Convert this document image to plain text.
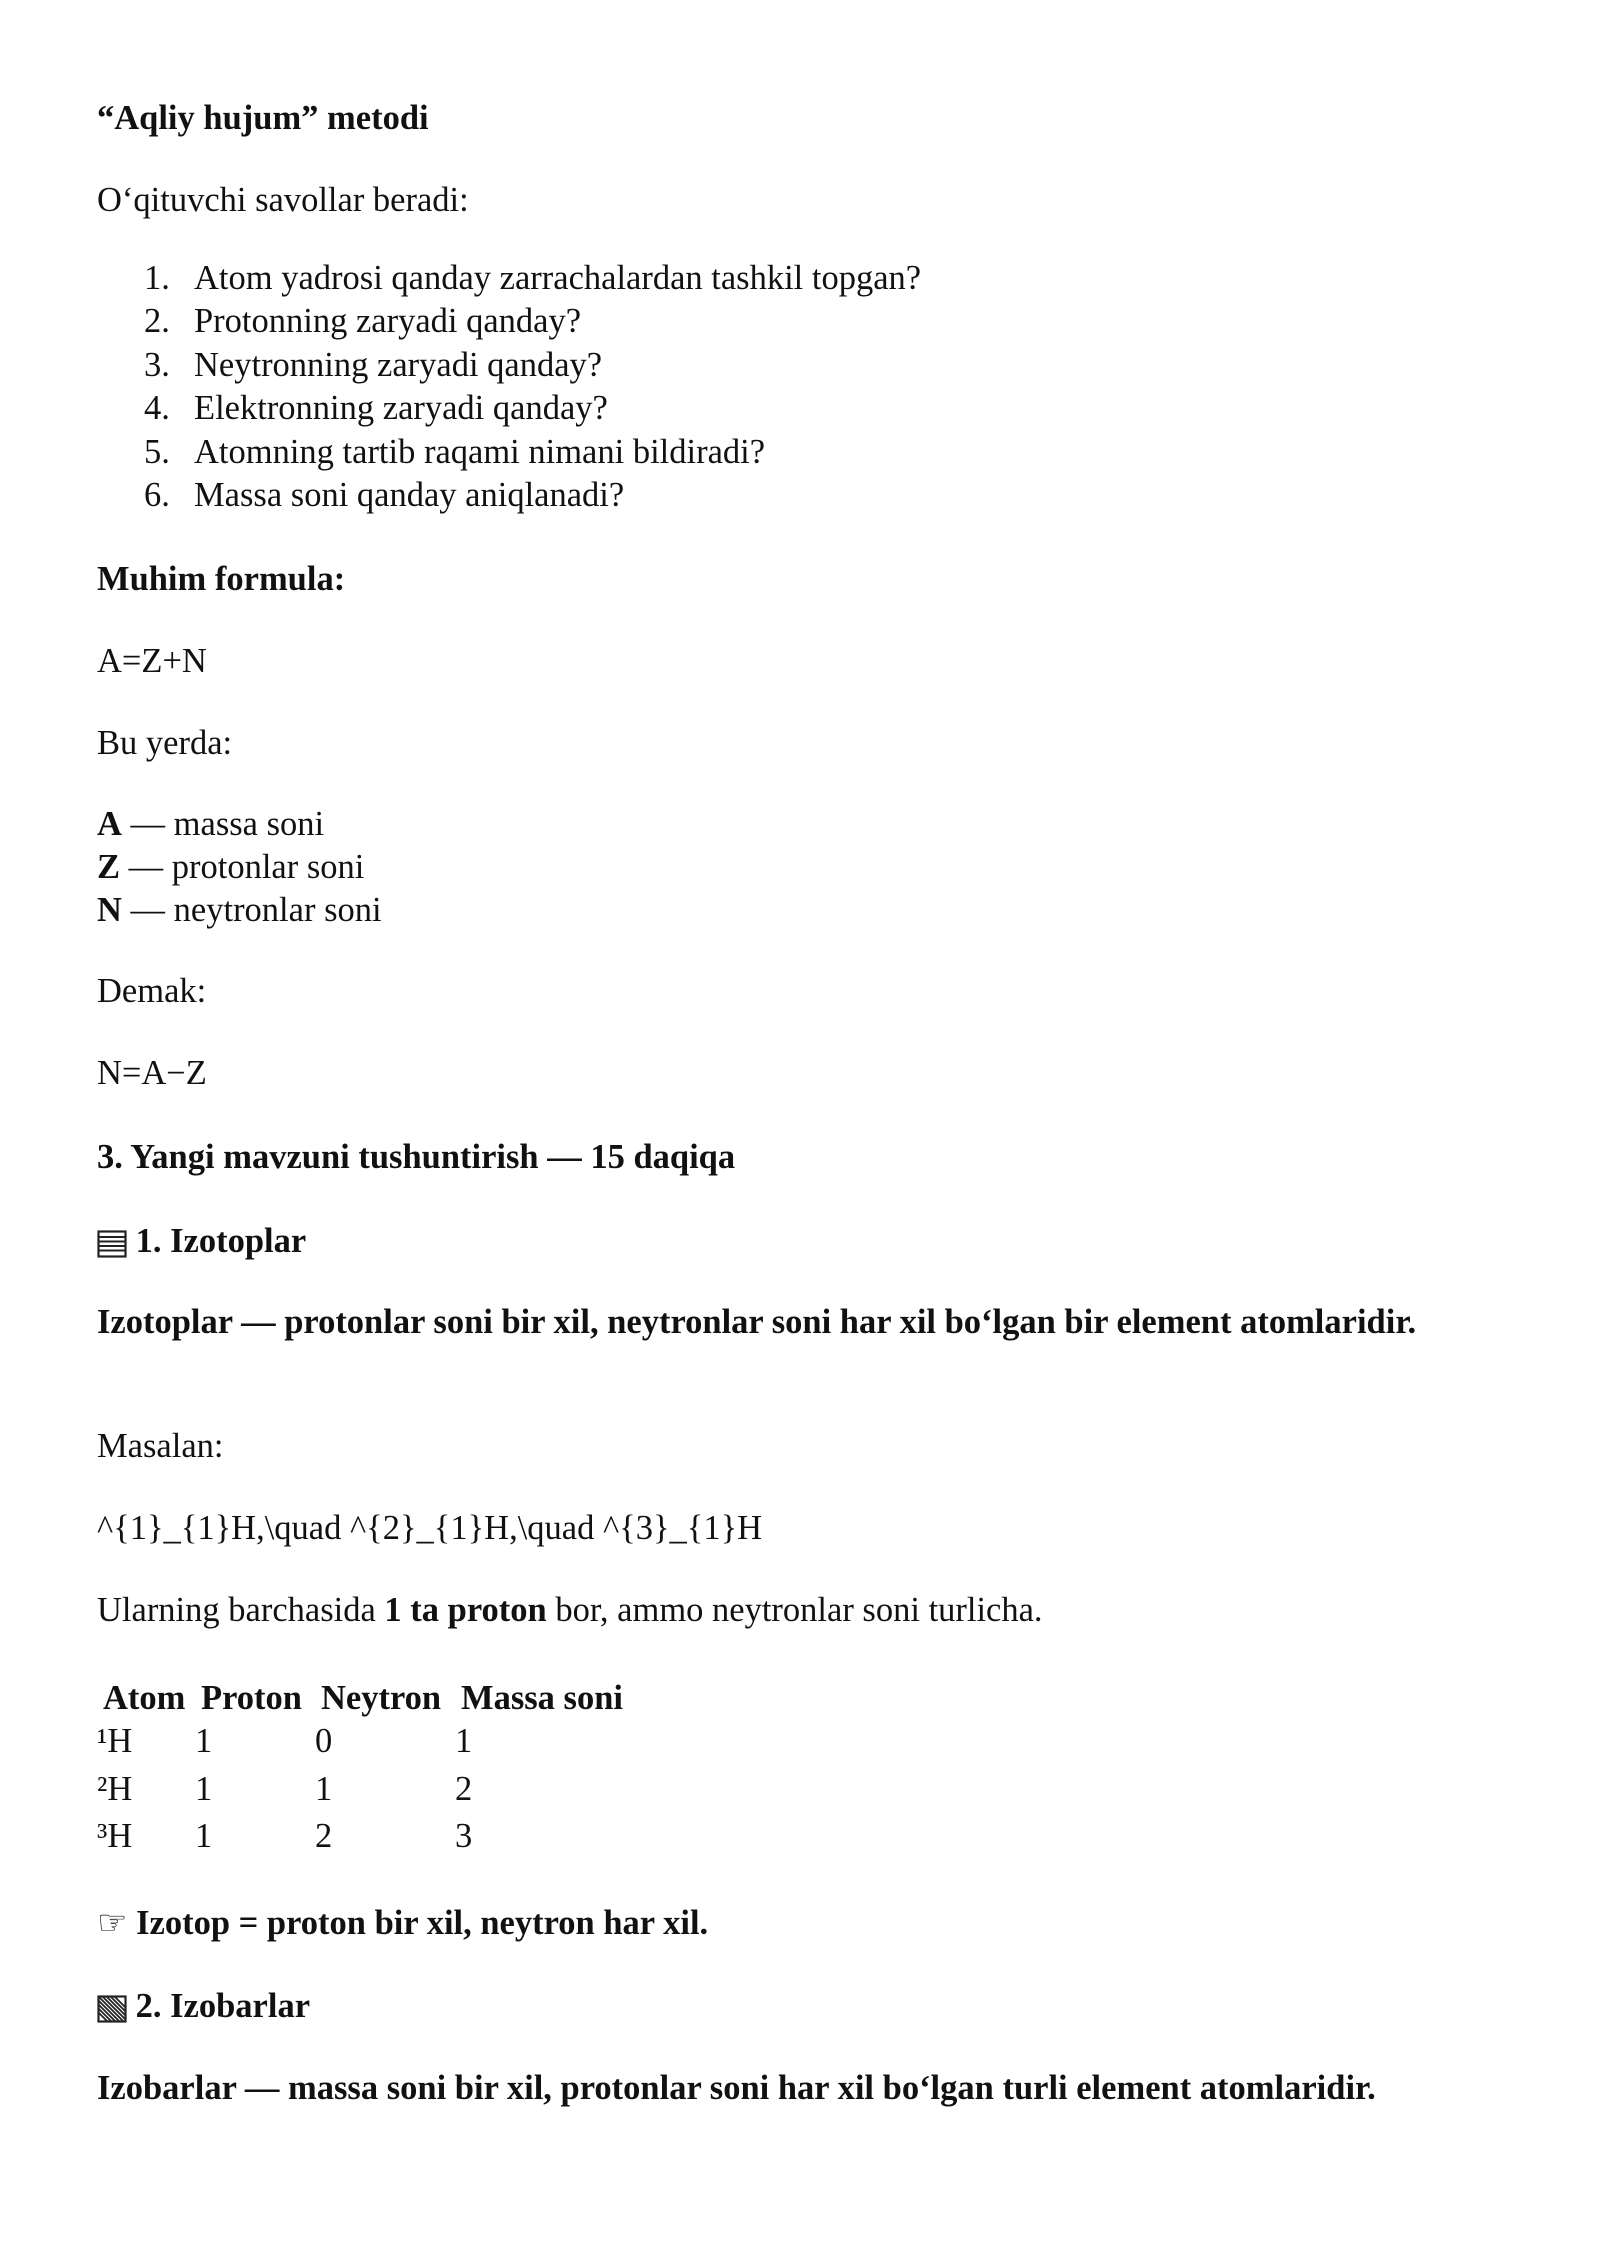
“Aqliy hujum” metodi
O‘qituvchi savollar beradi:
1. Atom yadrosi qanday zarrachalardan tashkil topgan?
2. Protonning zaryadi qanday?
3. Neytronning zaryadi qanday?
4. Elektronning zaryadi qanday?
5. Atomning tartib raqami nimani bildiradi?
6. Massa soni qanday aniqlanadi?
Muhim formula:
A=Z+N
Bu yerda:
A — massa soni
Z — protonlar soni
N — neytronlar soni
Demak:
N=A−Z
3. Yangi mavzuni tushuntirish — 15 daqiqa
1. Izotoplar
Izotoplar — protonlar soni bir xil, neytronlar soni har xil bo‘lgan bir element atomlaridir.
Masalan:
^{1}_{1}H,\quad ^{2}_{1}H,\quad ^{3}_{1}H
Ularning barchasida 1 ta proton bor, ammo neytronlar soni turlicha.
Atom	Proton	Neytron	Massa soni
¹H	1	0	1
²H	1	1	2
³H	1	2	3
☞ Izotop = proton bir xil, neytron har xil.
2. Izobarlar
Izobarlar — massa soni bir xil, protonlar soni har xil bo‘lgan turli element atomlaridir.
